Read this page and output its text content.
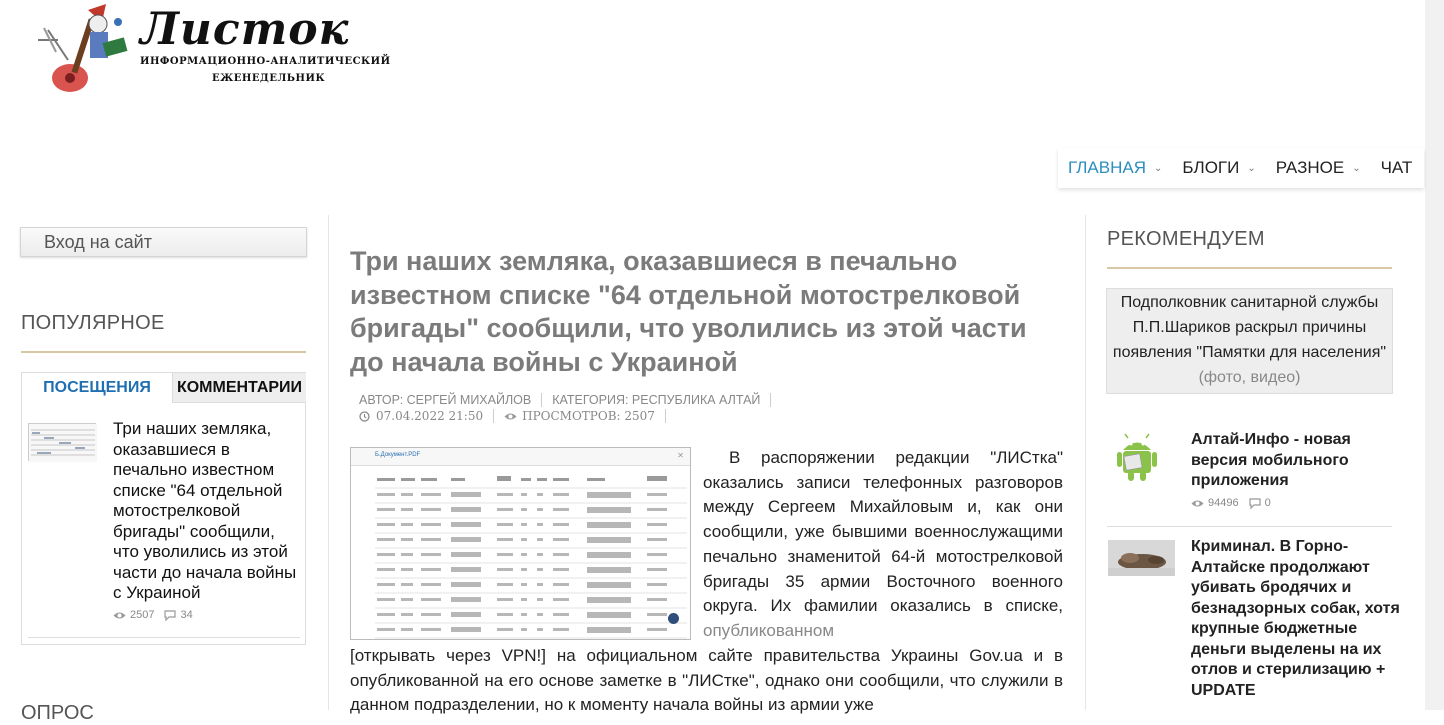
Листок
ИНФОРМАЦИОННО-АНАЛИТИЧЕСКИЙ
ЕЖЕНЕДЕЛЬНИК
ГЛАВНАЯ ⌄ БЛОГИ ⌄ РАЗНОЕ ⌄ ЧАТ
Вход на сайт
ПОПУЛЯРНОЕ
ПОСЕЩЕНИЯ	КОММЕНТАРИИ
Три наших земляка, оказавшиеся в печально известном списке "64 отдельной мотострелковой бригады" сообщили, что уволились из этой части до начала войны с Украиной
2507 34
ОПРОС
Три наших земляка, оказавшиеся в печально известном списке "64 отдельной мотострелковой бригады" сообщили, что уволились из этой части до начала войны с Украиной
АВТОР: СЕРГЕЙ МИХАЙЛОВ КАТЕГОРИЯ: РЕСПУБЛИКА АЛТАЙ
07.04.2022 21:50	ПРОСМОТРОВ: 2507
Б.Документ.PDF	✕	В распоряжении редакции "ЛИСтка" оказались записи телефонных разговоров между Сергеем Михайловым и, как они сообщили, уже бывшими военнослужащими печально знаменитой 64-й мотострелковой бригады 35 армии Восточного военного округа. Их фамилии оказались в списке, опубликованном
[открывать через VPN!] на официальном сайте правительства Украины Gov.ua и в опубликованной на его основе заметке в "ЛИСтке", однако они сообщили, что служили в данном подразделении, но к моменту начала войны из армии уже
РЕКОМЕНДУЕМ
Подполковник санитарной службы П.П.Шариков раскрыл причины появления "Памятки для населения" (фото, видео)
Алтай-Инфо - новая версия мобильного приложения
94496 0
Криминал. В Горно-Алтайске продолжают убивать бродячих и безнадзорных собак, хотя крупные бюджетные деньги выделены на их отлов и стерилизацию + UPDATE
